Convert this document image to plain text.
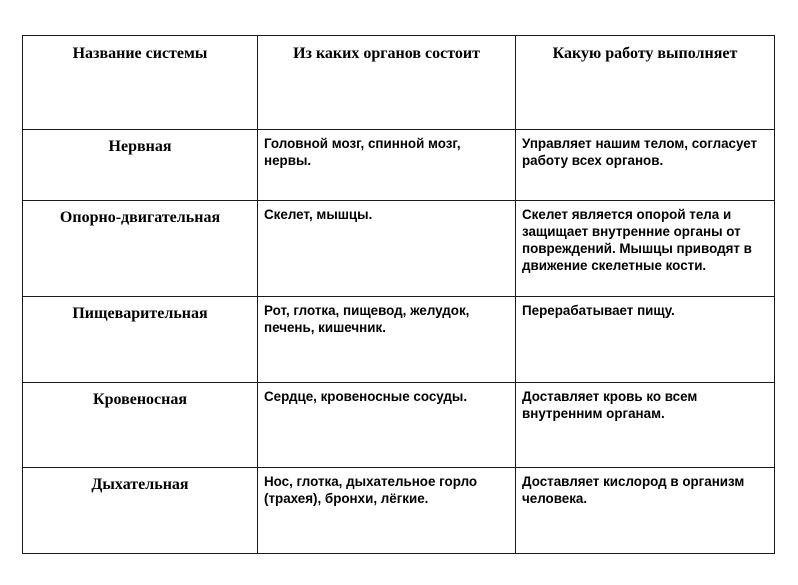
Название системы	Из каких органов состоит	Какую работу выполняет
Нервная	Головной мозг, спинной мозг, нервы.	Управляет нашим телом, согласует работу всех органов.
Опорно-двигательная	Скелет, мышцы.	Скелет является опорой тела и защищает внутренние органы от повреждений. Мышцы приводят в движение скелетные кости.
Пищеварительная	Рот, глотка, пищевод, желудок, печень, кишечник.	Перерабатывает пищу.
Кровеносная	Сердце, кровеносные сосуды.	Доставляет кровь ко всем внутренним органам.
Дыхательная	Нос, глотка, дыхательное горло (трахея), бронхи, лёгкие.	Доставляет кислород в организм человека.
